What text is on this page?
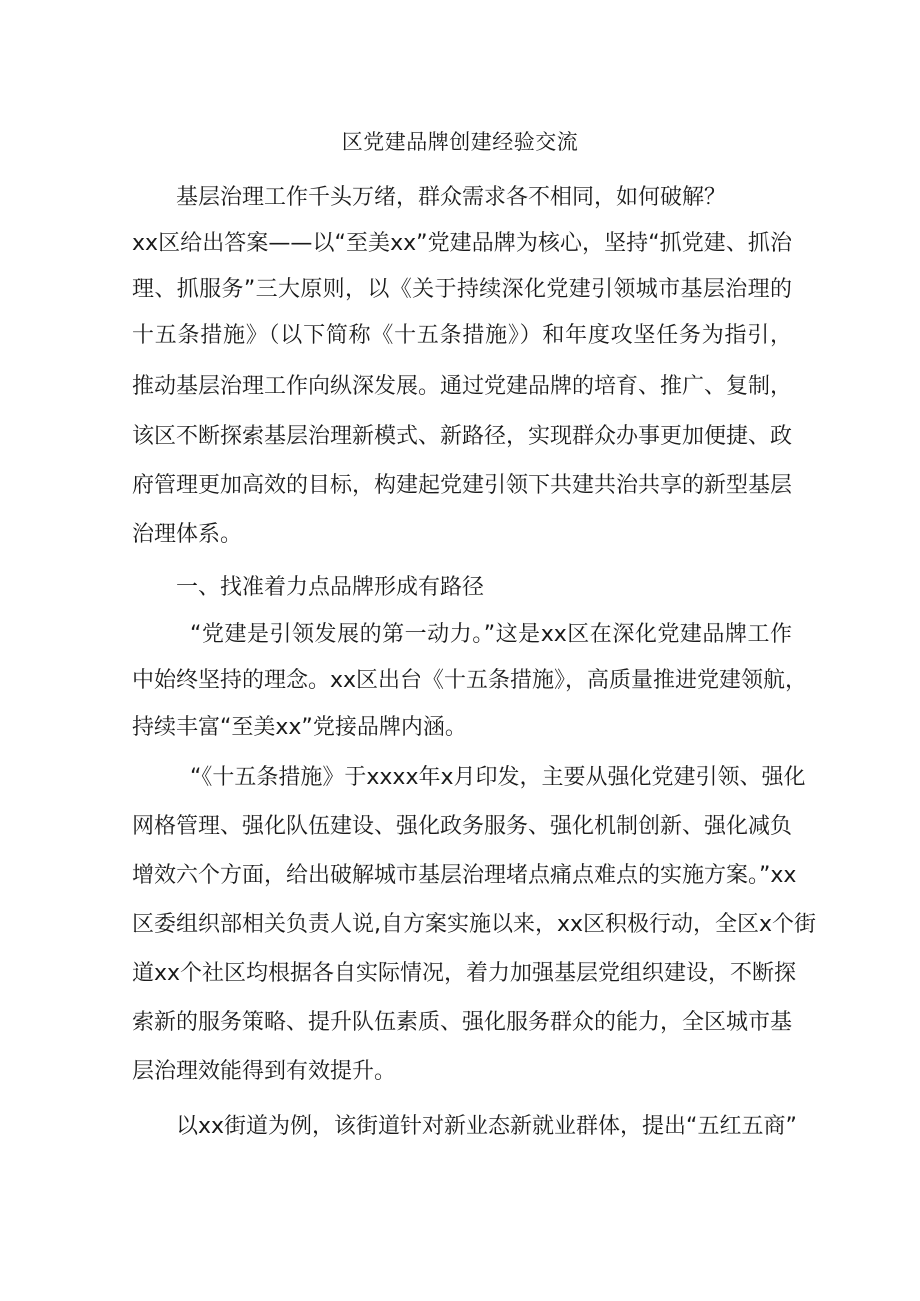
区党建品牌创建经验交流
基层治理工作千头万绪，群众需求各不相同，如何破解？
xx区给出答案——以“至美xx”党建品牌为核心，坚持“抓党建、抓治
理、抓服务”三大原则，以《关于持续深化党建引领城市基层治理的
十五条措施》（以下简称《十五条措施》）和年度攻坚任务为指引，
推动基层治理工作向纵深发展。通过党建品牌的培育、推广、复制，
该区不断探索基层治理新模式、新路径，实现群众办事更加便捷、政
府管理更加高效的目标，构建起党建引领下共建共治共享的新型基层
治理体系。
一、找准着力点品牌形成有路径
“党建是引领发展的第一动力。”这是xx区在深化党建品牌工作
中始终坚持的理念。xx区出台《十五条措施》，高质量推进党建领航，
持续丰富“至美xx”党接品牌内涵。
“《十五条措施》于xxxx年x月印发，主要从强化党建引领、强化
网格管理、强化队伍建设、强化政务服务、强化机制创新、强化减负
增效六个方面，给出破解城市基层治理堵点痛点难点的实施方案。”xx
区委组织部相关负责人说,自方案实施以来，xx区积极行动，全区x个街
道xx个社区均根据各自实际情况，着力加强基层党组织建设，不断探
索新的服务策略、提升队伍素质、强化服务群众的能力，全区城市基
层治理效能得到有效提升。
以xx街道为例，该街道针对新业态新就业群体，提出“五红五商”
